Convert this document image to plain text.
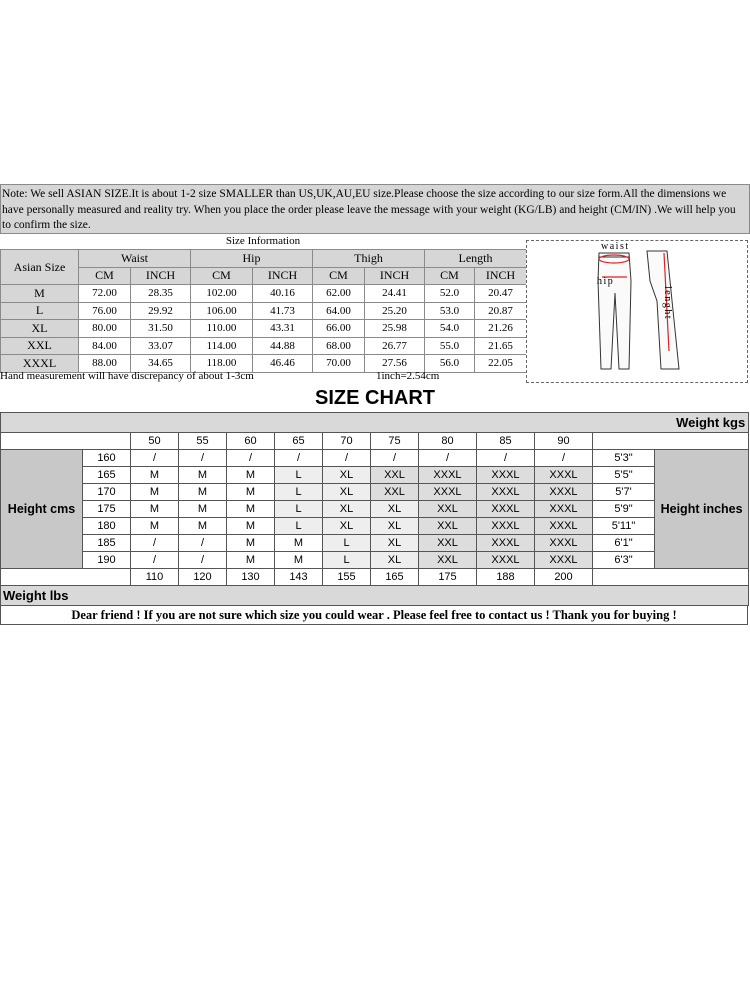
Note: We sell ASIAN SIZE.It is about 1-2 size SMALLER than US,UK,AU,EU size.Please choose the size according to our size form.All the dimensions we have personally measured and reality try. When you place the order please leave the message with your weight (KG/LB) and height (CM/IN) .We will help you to confirm the size.
Size Information
Asian Size	Waist		Hip		Thigh		Length	
	CM	INCH	CM	INCH	CM	INCH	CM	INCH
M	72.00	28.35	102.00	40.16	62.00	24.41	52.0	20.47
L	76.00	29.92	106.00	41.73	64.00	25.20	53.0	20.87
XL	80.00	31.50	110.00	43.31	66.00	25.98	54.0	21.26
XXL	84.00	33.07	114.00	44.88	68.00	26.77	55.0	21.65
XXXL	88.00	34.65	118.00	46.46	70.00	27.56	56.0	22.05
Hand measurement will have discrepancy of about 1-3cm	1inch=2.54cm
waist
hip
lenght
SIZE CHART
Weight kgs												
		50	55	60	65	70	75	80	85	90		
Height cms	160	/	/	/	/	/	/	/	/	/	5'3"	Height inches
	165	M	M	M	L	XL	XXL	XXXL	XXXL	XXXL	5'5"	
	170	M	M	M	L	XL	XXL	XXXL	XXXL	XXXL	5'7'	
	175	M	M	M	L	XL	XL	XXL	XXXL	XXXL	5'9"	
	180	M	M	M	L	XL	XL	XXL	XXXL	XXXL	5'11"	
	185	/	/	M	M	L	XL	XXL	XXXL	XXXL	6'1"	
	190	/	/	M	M	L	XL	XXL	XXXL	XXXL	6'3"	
		110	120	130	143	155	165	175	188	200		
Weight lbs												
Dear friend ! If you are not sure which size you could wear . Please feel free to contact us ! Thank you for buying !
